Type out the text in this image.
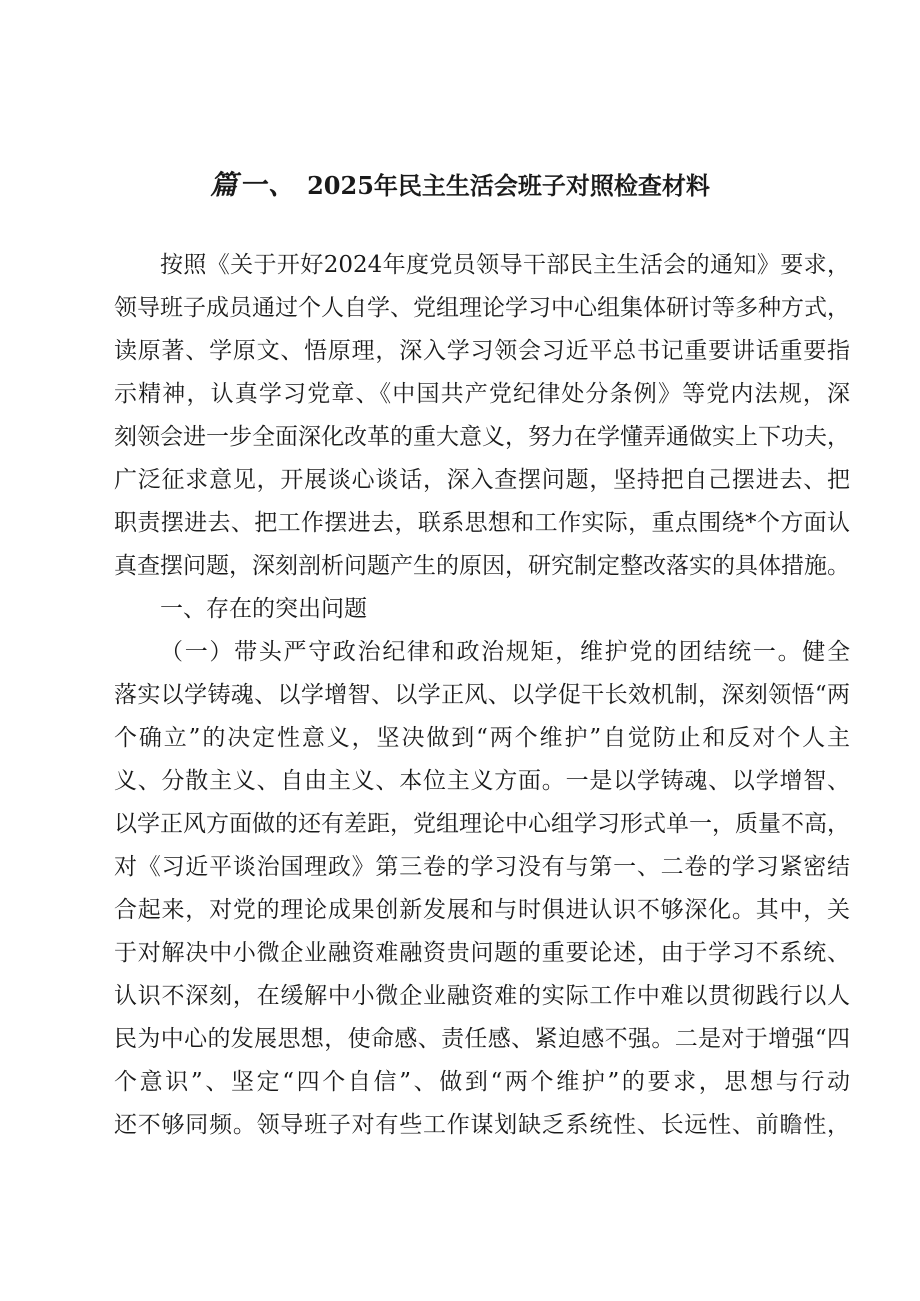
篇一、 2025年民主生活会班子对照检查材料
按照《关于开好2024年度党员领导干部民主生活会的通知》要求，
领导班子成员通过个人自学、党组理论学习中心组集体研讨等多种方式，
读原著、学原文、悟原理，深入学习领会习近平总书记重要讲话重要指
示精神，认真学习党章、《中国共产党纪律处分条例》等党内法规，深
刻领会进一步全面深化改革的重大意义，努力在学懂弄通做实上下功夫，
广泛征求意见，开展谈心谈话，深入查摆问题，坚持把自己摆进去、把
职责摆进去、把工作摆进去，联系思想和工作实际，重点围绕*个方面认
真查摆问题，深刻剖析问题产生的原因，研究制定整改落实的具体措施。
一、存在的突出问题
（一）带头严守政治纪律和政治规矩，维护党的团结统一。健全
落实以学铸魂、以学增智、以学正风、以学促干长效机制，深刻领悟“两
个确立”的决定性意义，坚决做到“两个维护”自觉防止和反对个人主
义、分散主义、自由主义、本位主义方面。一是以学铸魂、以学增智、
以学正风方面做的还有差距，党组理论中心组学习形式单一，质量不高，
对《习近平谈治国理政》第三卷的学习没有与第一、二卷的学习紧密结
合起来，对党的理论成果创新发展和与时俱进认识不够深化。其中，关
于对解决中小微企业融资难融资贵问题的重要论述，由于学习不系统、
认识不深刻，在缓解中小微企业融资难的实际工作中难以贯彻践行以人
民为中心的发展思想，使命感、责任感、紧迫感不强。二是对于增强“四
个意识”、坚定“四个自信”、做到“两个维护”的要求，思想与行动
还不够同频。领导班子对有些工作谋划缺乏系统性、长远性、前瞻性，
